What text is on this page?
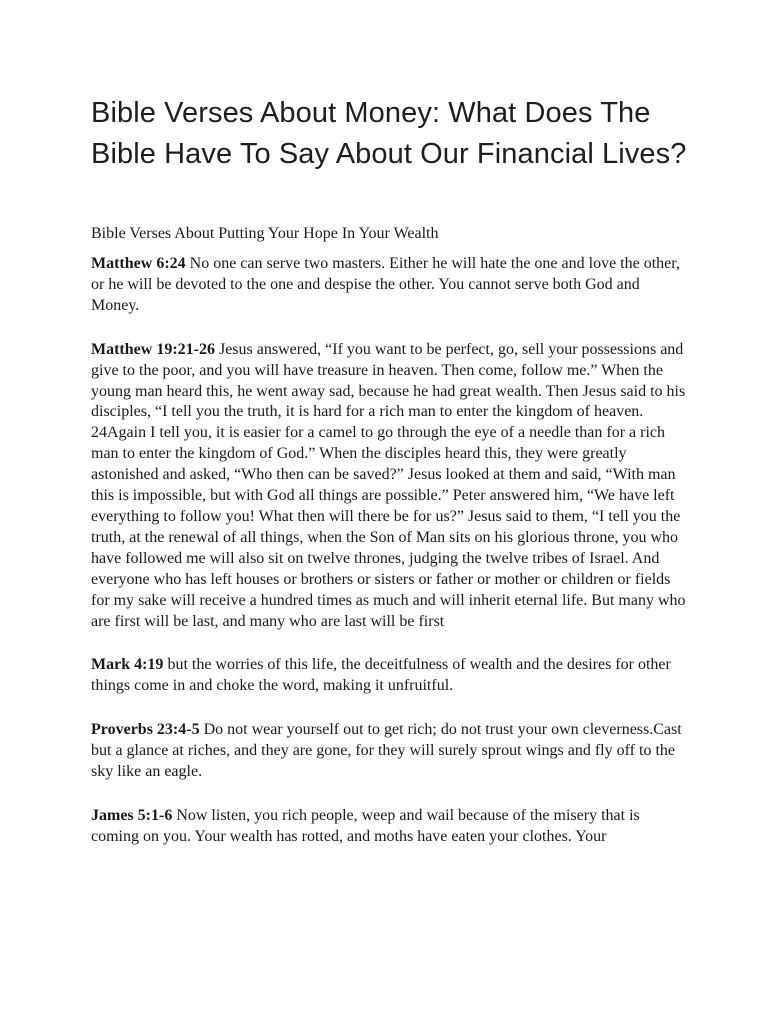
Bible Verses About Money: What Does The Bible Have To Say About Our Financial Lives?

Bible Verses About Putting Your Hope In Your Wealth

Matthew 6:24 No one can serve two masters. Either he will hate the one and love the other, or he will be devoted to the one and despise the other. You cannot serve both God and Money.

Matthew 19:21-26 Jesus answered, “If you want to be perfect, go, sell your possessions and give to the poor, and you will have treasure in heaven. Then come, follow me.” When the young man heard this, he went away sad, because he had great wealth. Then Jesus said to his disciples, “I tell you the truth, it is hard for a rich man to enter the kingdom of heaven. 24Again I tell you, it is easier for a camel to go through the eye of a needle than for a rich man to enter the kingdom of God.” When the disciples heard this, they were greatly astonished and asked, “Who then can be saved?” Jesus looked at them and said, “With man this is impossible, but with God all things are possible.” Peter answered him, “We have left everything to follow you! What then will there be for us?” Jesus said to them, “I tell you the truth, at the renewal of all things, when the Son of Man sits on his glorious throne, you who have followed me will also sit on twelve thrones, judging the twelve tribes of Israel. And everyone who has left houses or brothers or sisters or father or mother or children or fields for my sake will receive a hundred times as much and will inherit eternal life. But many who are first will be last, and many who are last will be first

Mark 4:19 but the worries of this life, the deceitfulness of wealth and the desires for other things come in and choke the word, making it unfruitful.

Proverbs 23:4-5 Do not wear yourself out to get rich; do not trust your own cleverness.Cast but a glance at riches, and they are gone, for they will surely sprout wings and fly off to the sky like an eagle.

James 5:1-6 Now listen, you rich people, weep and wail because of the misery that is coming on you. Your wealth has rotted, and moths have eaten your clothes. Your
